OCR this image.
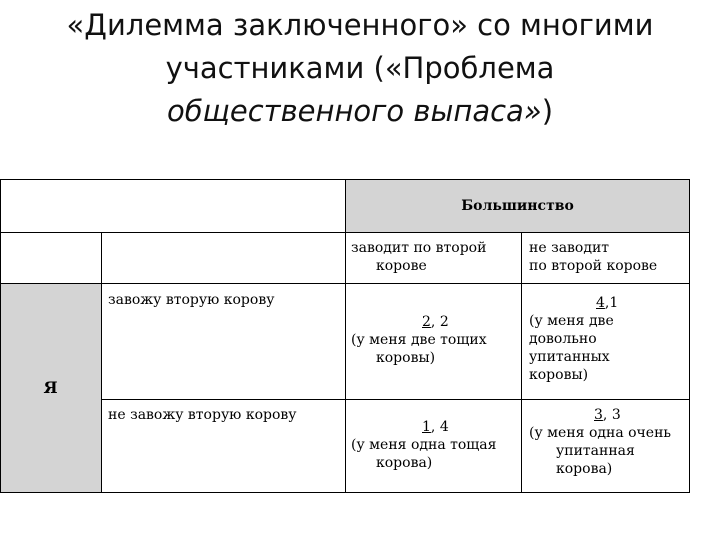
«Дилемма заключенного» со многими
участниками («Проблема
общественного выпаса»)
Большинство
заводит по второй
корове
не заводит
по второй корове
Я
завожу вторую корову
не завожу вторую корову
2, 2
(у меня две тощих
коровы)
4,1
(у меня две
довольно
упитанных
коровы)
1, 4
(у меня одна тощая
корова)
3, 3
(у меня одна очень
упитанная
корова)
